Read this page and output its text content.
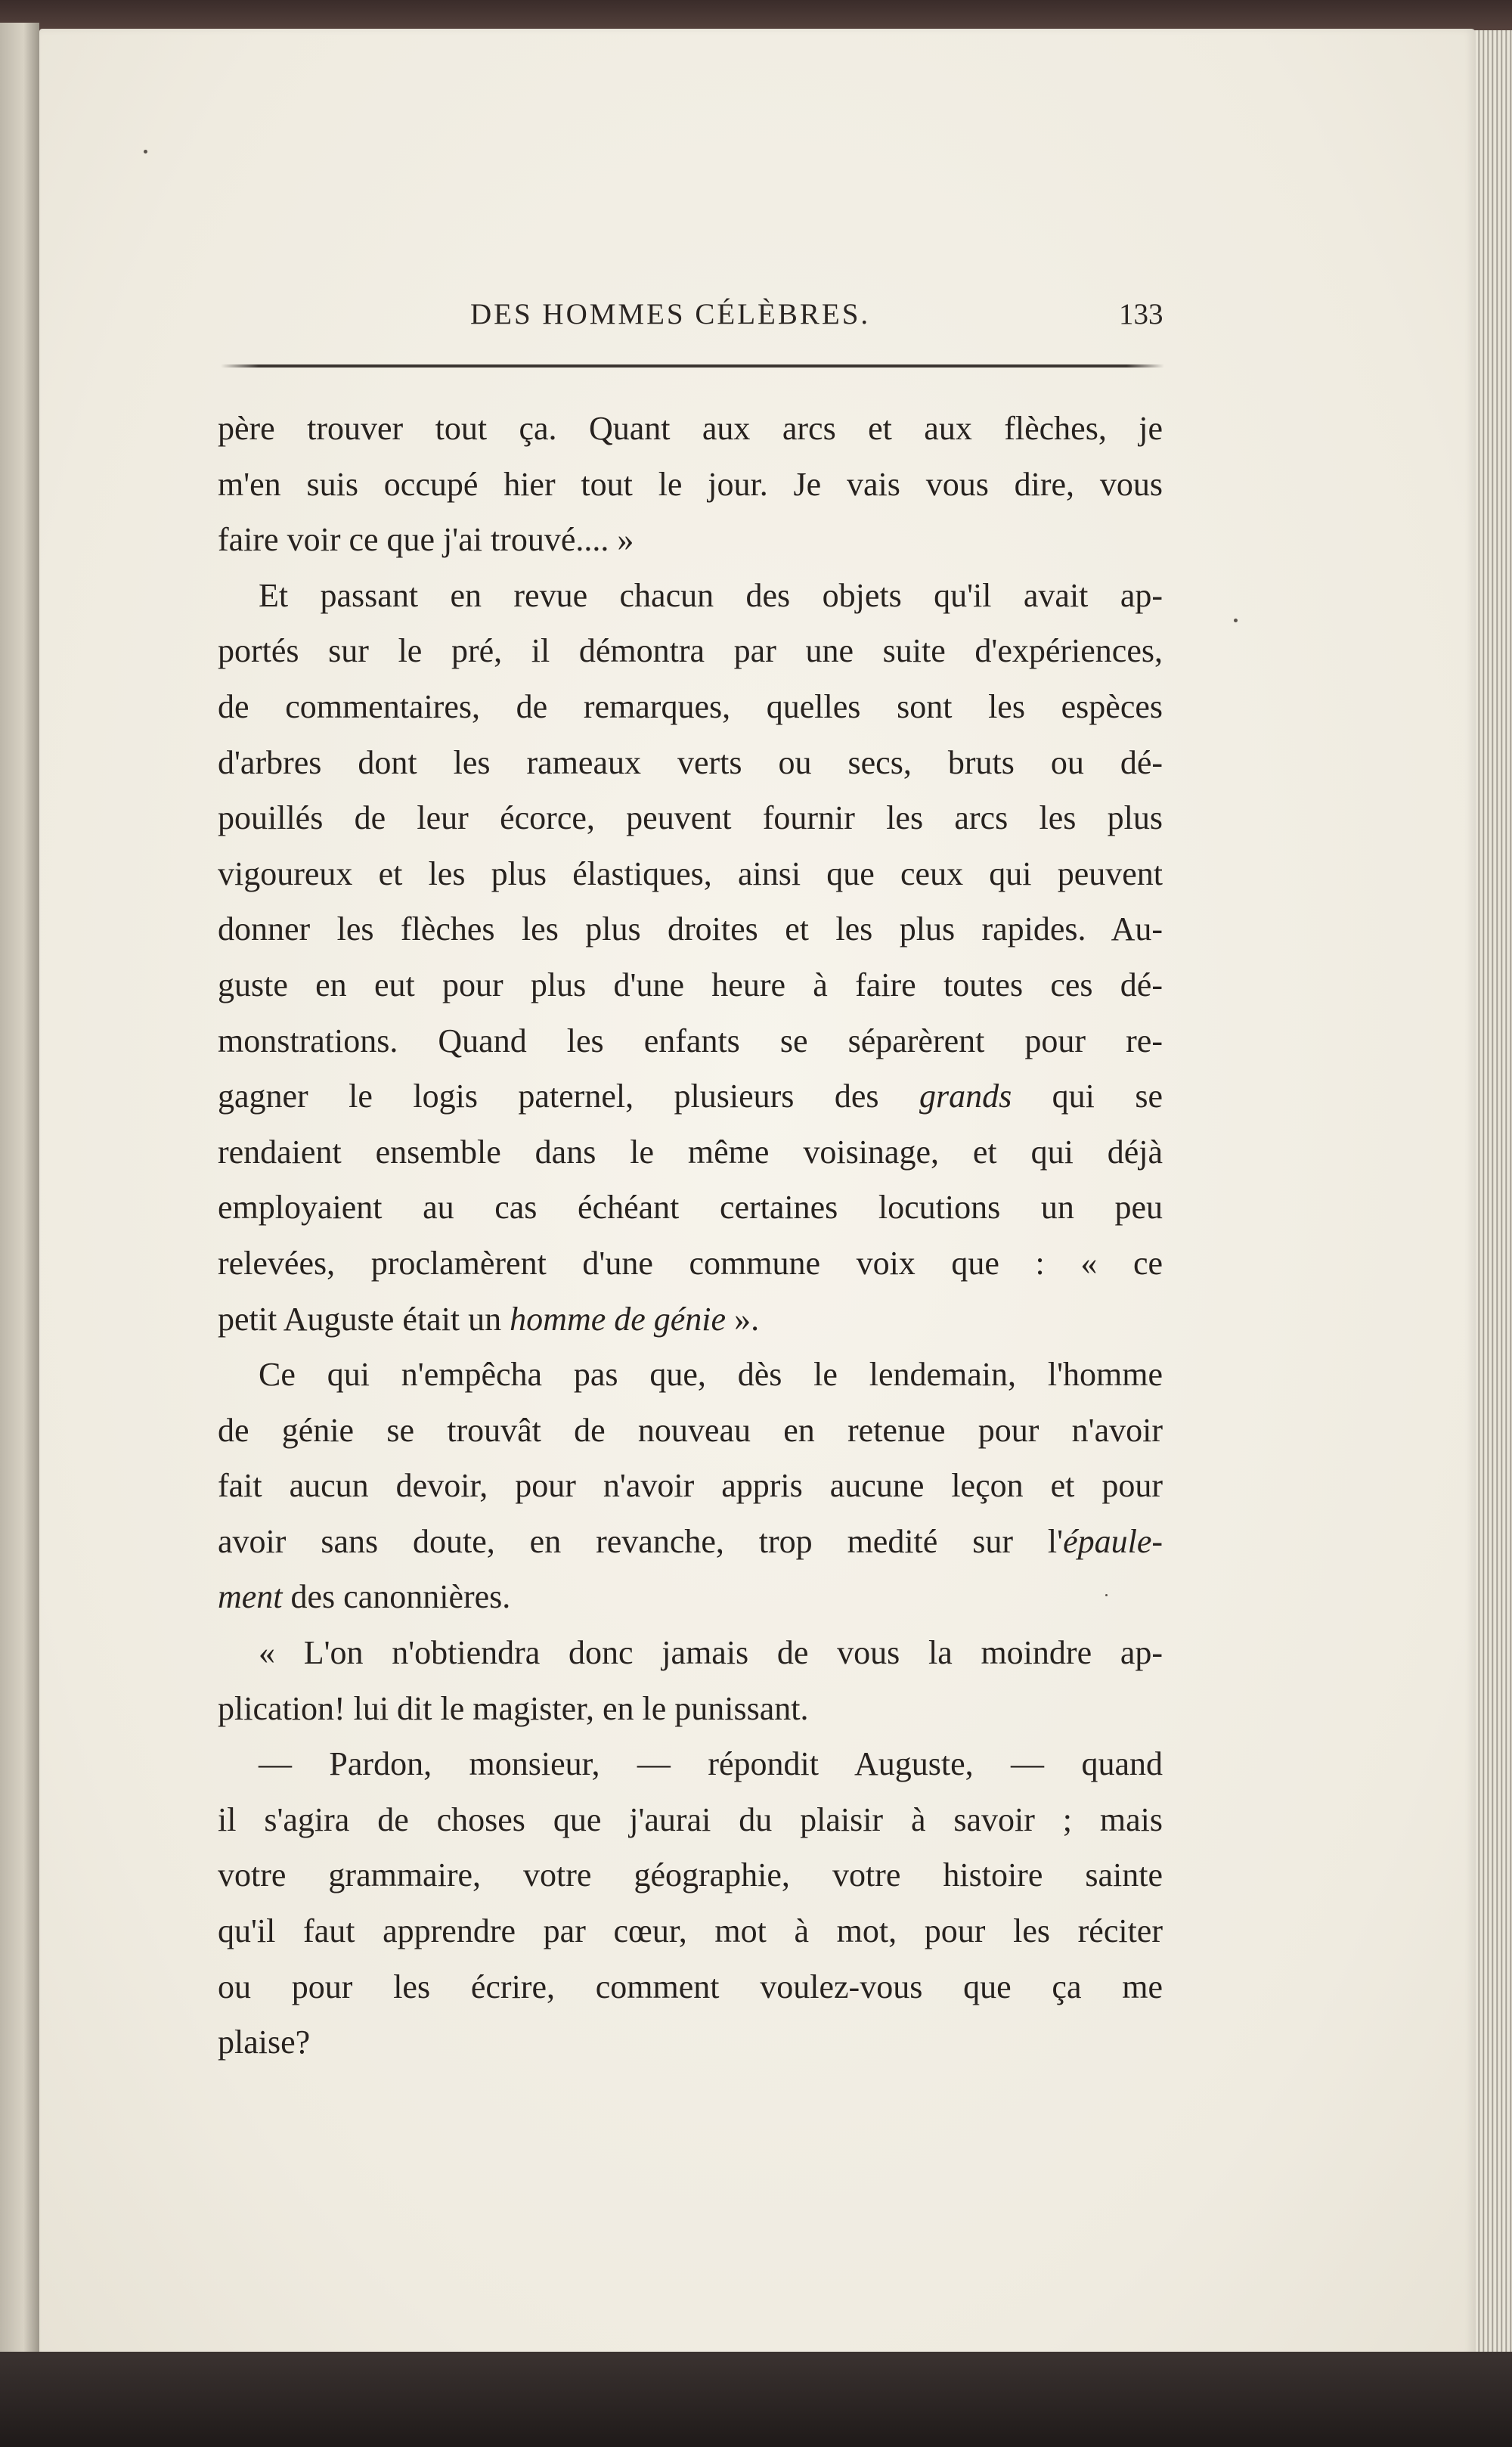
DES HOMMES CÉLÈBRES.	133
père trouver tout ça. Quant aux arcs et aux flèches, je
m'en suis occupé hier tout le jour. Je vais vous dire, vous
faire voir ce que j'ai trouvé.... »
Et passant en revue chacun des objets qu'il avait ap-
portés sur le pré, il démontra par une suite d'expériences,
de commentaires, de remarques, quelles sont les espèces
d'arbres dont les rameaux verts ou secs, bruts ou dé-
pouillés de leur écorce, peuvent fournir les arcs les plus
vigoureux et les plus élastiques, ainsi que ceux qui peuvent
donner les flèches les plus droites et les plus rapides. Au-
guste en eut pour plus d'une heure à faire toutes ces dé-
monstrations. Quand les enfants se séparèrent pour re-
gagner le logis paternel, plusieurs des grands qui se
rendaient ensemble dans le même voisinage, et qui déjà
employaient au cas échéant certaines locutions un peu
relevées, proclamèrent d'une commune voix que : « ce
petit Auguste était un homme de génie ».
Ce qui n'empêcha pas que, dès le lendemain, l'homme
de génie se trouvât de nouveau en retenue pour n'avoir
fait aucun devoir, pour n'avoir appris aucune leçon et pour
avoir sans doute, en revanche, trop medité sur l'épaule-
ment des canonnières.
« L'on n'obtiendra donc jamais de vous la moindre ap-
plication! lui dit le magister, en le punissant.
— Pardon, monsieur, — répondit Auguste, — quand
il s'agira de choses que j'aurai du plaisir à savoir ; mais
votre grammaire, votre géographie, votre histoire sainte
qu'il faut apprendre par cœur, mot à mot, pour les réciter
ou pour les écrire, comment voulez-vous que ça me
plaise?
